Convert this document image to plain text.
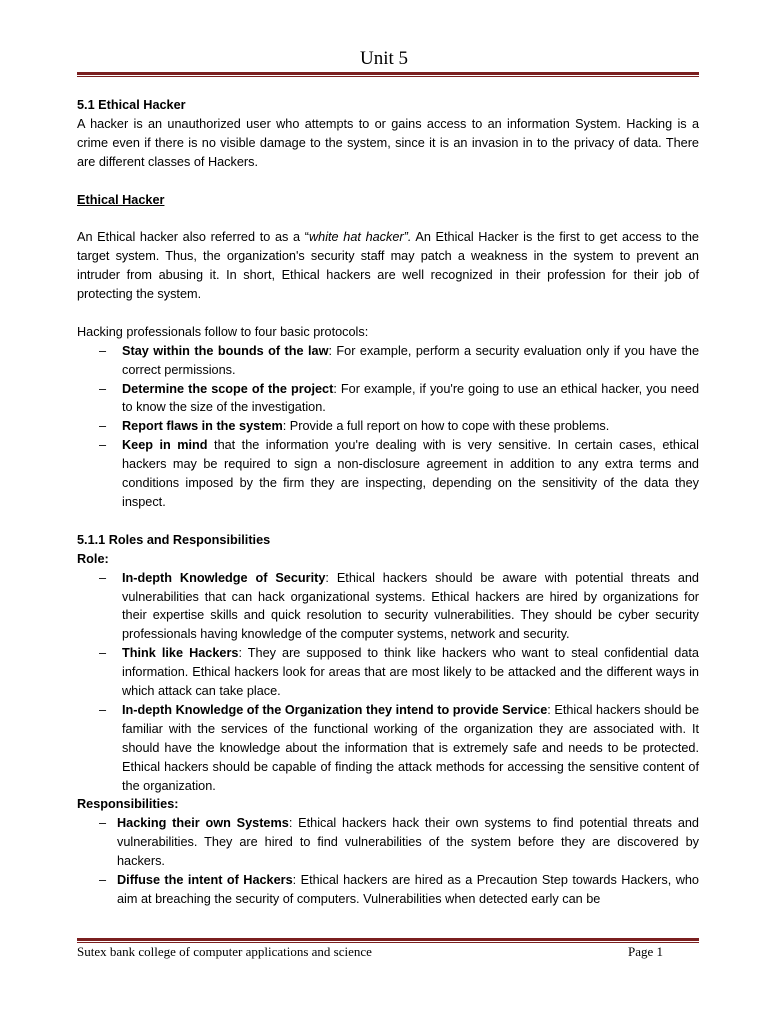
Unit 5

5.1 Ethical Hacker

A hacker is an unauthorized user who attempts to or gains access to an information System. Hacking is a crime even if there is no visible damage to the system, since it is an invasion in to the privacy of data. There are different classes of Hackers.

Ethical Hacker

An Ethical hacker also referred to as a “white hat hacker”. An Ethical Hacker is the first to get access to the target system. Thus, the organization's security staff may patch a weakness in the system to prevent an intruder from abusing it. In short, Ethical hackers are well recognized in their profession for their job of protecting the system.

Hacking professionals follow to four basic protocols:

– Stay within the bounds of the law: For example, perform a security evaluation only if you have the correct permissions.
– Determine the scope of the project: For example, if you're going to use an ethical hacker, you need to know the size of the investigation.
– Report flaws in the system: Provide a full report on how to cope with these problems.
– Keep in mind that the information you're dealing with is very sensitive. In certain cases, ethical hackers may be required to sign a non-disclosure agreement in addition to any extra terms and conditions imposed by the firm they are inspecting, depending on the sensitivity of the data they inspect.

5.1.1 Roles and Responsibilities

Role:

– In-depth Knowledge of Security: Ethical hackers should be aware with potential threats and vulnerabilities that can hack organizational systems. Ethical hackers are hired by organizations for their expertise skills and quick resolution to security vulnerabilities. They should be cyber security professionals having knowledge of the computer systems, network and security.
– Think like Hackers: They are supposed to think like hackers who want to steal confidential data information. Ethical hackers look for areas that are most likely to be attacked and the different ways in which attack can take place.
– In-depth Knowledge of the Organization they intend to provide Service: Ethical hackers should be familiar with the services of the functional working of the organization they are associated with. It should have the knowledge about the information that is extremely safe and needs to be protected. Ethical hackers should be capable of finding the attack methods for accessing the sensitive content of the organization.

Responsibilities:

– Hacking their own Systems: Ethical hackers hack their own systems to find potential threats and vulnerabilities. They are hired to find vulnerabilities of the system before they are discovered by hackers.
– Diffuse the intent of Hackers: Ethical hackers are hired as a Precaution Step towards Hackers, who aim at breaching the security of computers. Vulnerabilities when detected early can be
Sutex bank college of computer applications and science	Page 1
